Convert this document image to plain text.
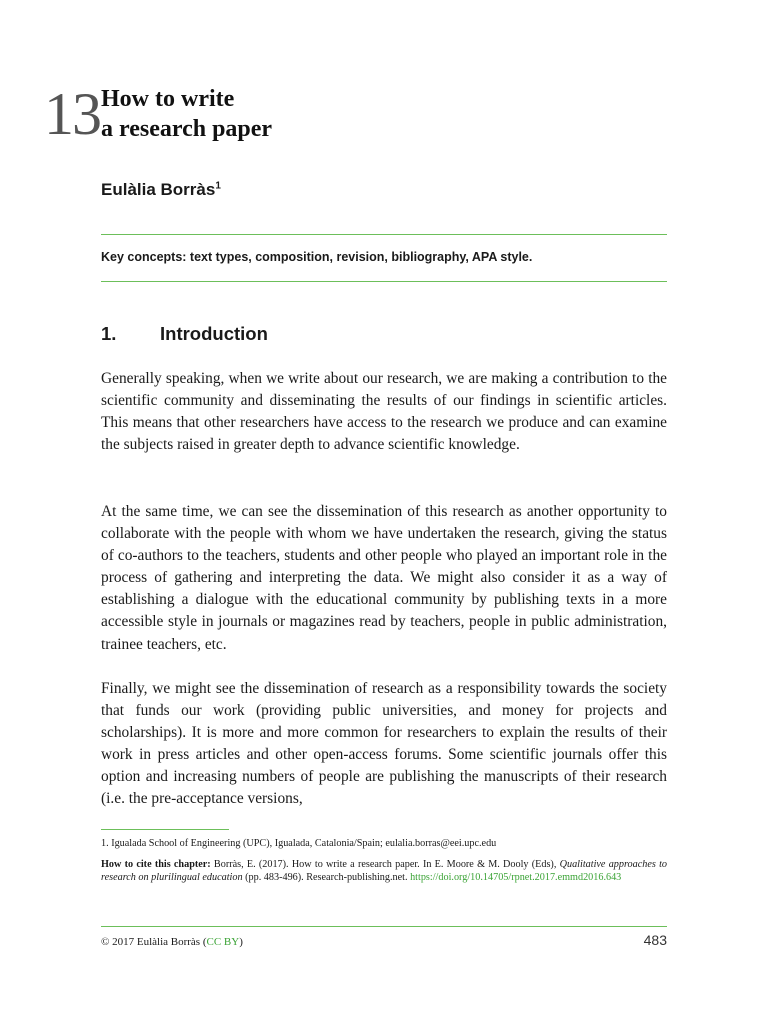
13 How to write
a research paper
Eulàlia Borràs$^1$
Key concepts: text types, composition, revision, bibliography, APA style.
1. Introduction

Generally speaking, when we write about our research, we are making a contribution to the scientific community and disseminating the results of our findings in scientific articles. This means that other researchers have access to the research we produce and can examine the subjects raised in greater depth to advance scientific knowledge.

At the same time, we can see the dissemination of this research as another opportunity to collaborate with the people with whom we have undertaken the research, giving the status of co-authors to the teachers, students and other people who played an important role in the process of gathering and interpreting the data. We might also consider it as a way of establishing a dialogue with the educational community by publishing texts in a more accessible style in journals or magazines read by teachers, people in public administration, trainee teachers, etc.

Finally, we might see the dissemination of research as a responsibility towards the society that funds our work (providing public universities, and money for projects and scholarships). It is more and more common for researchers to explain the results of their work in press articles and other open-access forums. Some scientific journals offer this option and increasing numbers of people are publishing the manuscripts of their research (i.e. the pre-acceptance versions,

1. Igualada School of Engineering (UPC), Igualada, Catalonia/Spain; eulalia.borras@eei.upc.edu
How to cite this chapter: Borràs, E. (2017). How to write a research paper. In E. Moore & M. Dooly (Eds), Qualitative approaches to research on plurilingual education (pp. 483-496). Research-publishing.net. https://doi.org/10.14705/rpnet.2017.emmd2016.643
© 2017 Eulàlia Borràs (CC BY)	483
